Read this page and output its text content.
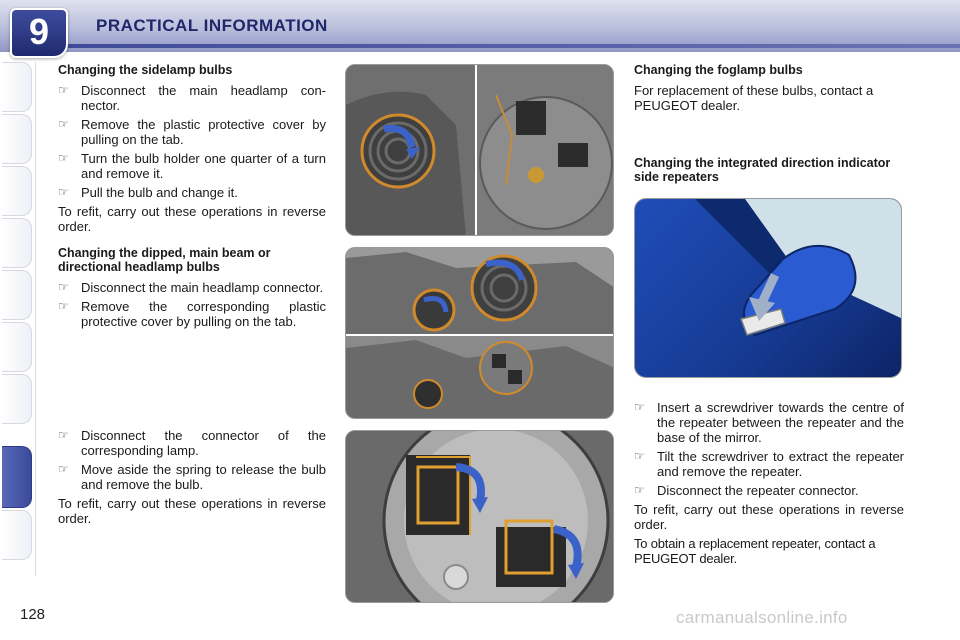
9	PRACTICAL INFORMATION
Changing the sidelamp bulbs
☞ Disconnect the main headlamp con-nector.
☞ Remove the plastic protective cover by pulling on the tab.
☞ Turn the bulb holder one quarter of a turn and remove it.
☞ Pull the bulb and change it.
To refit, carry out these operations in reverse order.
Changing the dipped, main beam or directional headlamp bulbs
☞ Disconnect the main headlamp connector.
☞ Remove the corresponding plastic protective cover by pulling on the tab.
☞ Disconnect the connector of the corresponding lamp.
☞ Move aside the spring to release the bulb and remove the bulb.
To refit, carry out these operations in reverse order.
Changing the foglamp bulbs
For replacement of these bulbs, contact a PEUGEOT dealer.
Changing the integrated direction indicator side repeaters
☞ Insert a screwdriver towards the centre of the repeater between the repeater and the base of the mirror.
☞ Tilt the screwdriver to extract the repeater and remove the repeater.
☞ Disconnect the repeater connector.
To refit, carry out these operations in reverse order.
To obtain a replacement repeater, contact a PEUGEOT dealer.
128	carmanualsonline.info
